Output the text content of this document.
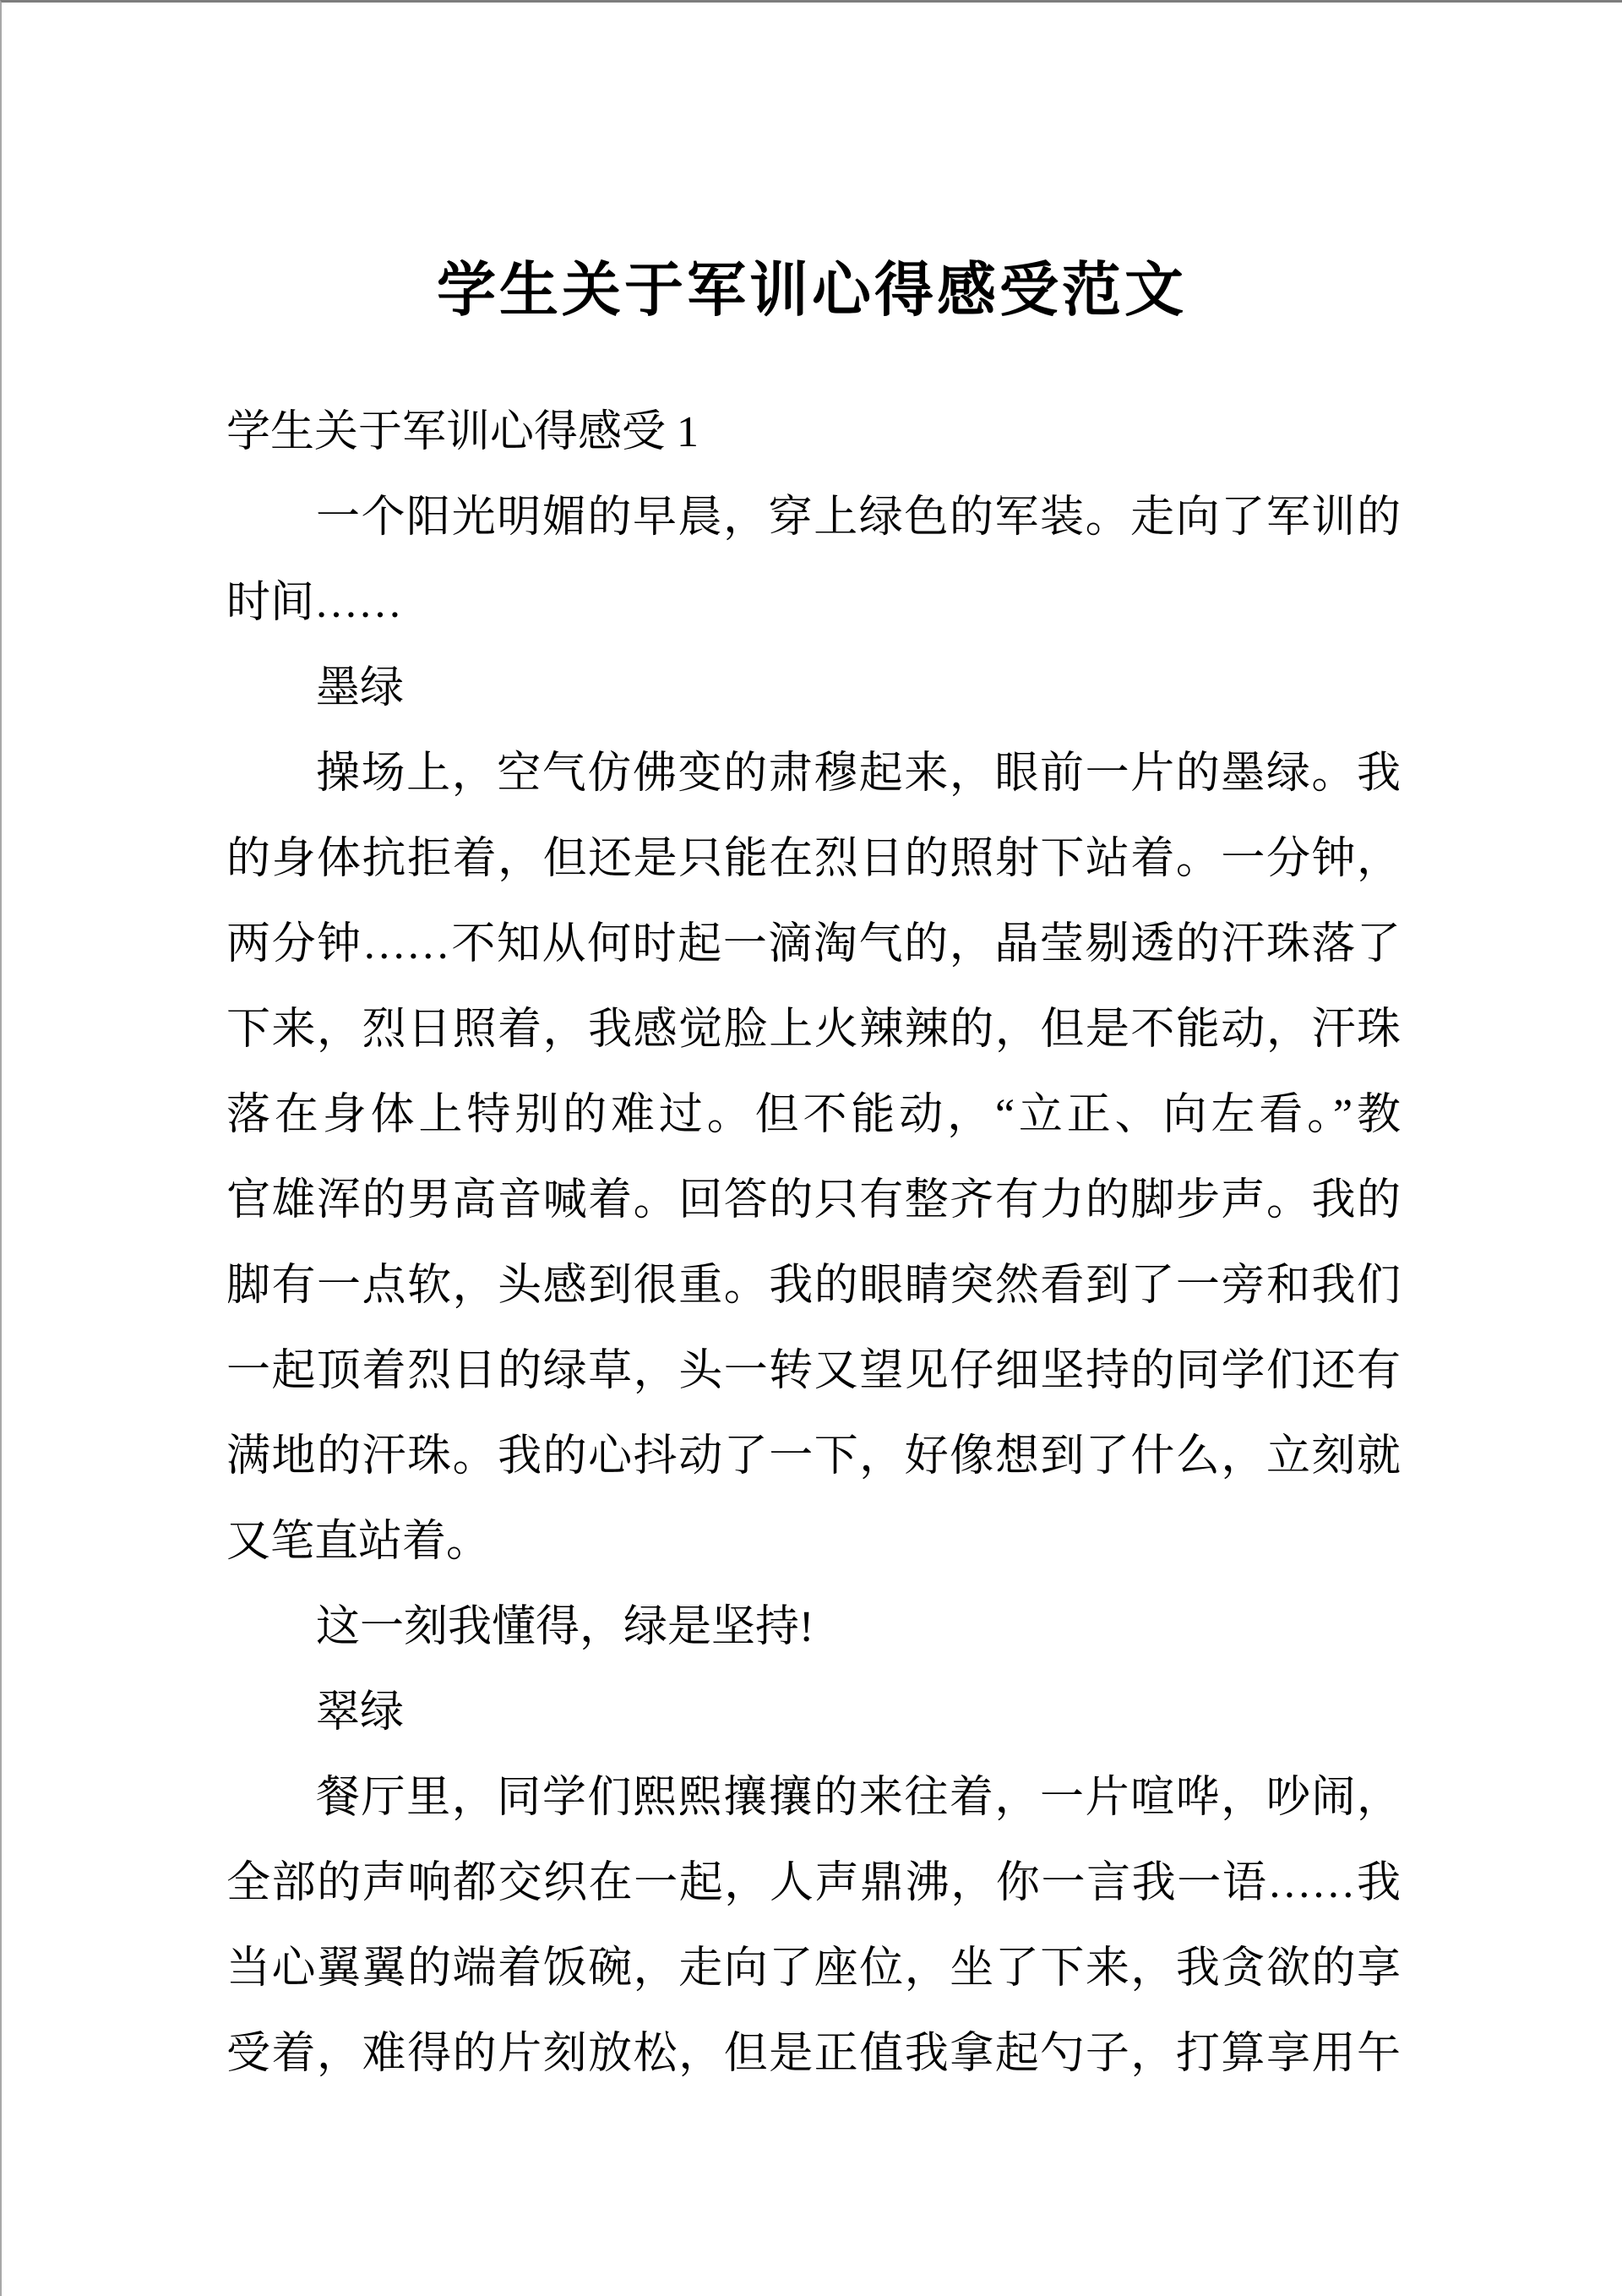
学生关于军训心得感受范文
学生关于军训心得感受 1
一个阳光明媚的早晨，穿上绿色的军装。走向了军训的
时间……
墨绿
操场上，空气仿佛变的肃穆起来，眼前一片的墨绿。我
的身体抗拒着，但还是只能在烈日的照射下站着。一分钟，
两分钟……不知从何时起一滴淘气的，晶莹剔透的汗珠落了
下来，烈日照着，我感觉脸上火辣辣的，但是不能动，汗珠
落在身体上特别的难过。但不能动，“立正、向左看。”教
官雄浑的男高音喊着。回答的只有整齐有力的脚步声。我的
脚有一点软，头感到很重。我的眼睛突然看到了一旁和我们
一起顶着烈日的绿草，头一转又望见仔细坚持的同学们还有
满地的汗珠。我的心抖动了一下，好像想到了什么，立刻就
又笔直站着。
这一刻我懂得，绿是坚持!
翠绿
餐厅里，同学们熙熙攘攘的来往着，一片喧哗，吵闹，
全部的声响都交织在一起，人声鼎沸，你一言我一语……我
当心翼翼的端着饭碗，走向了座位，坐了下来，我贪欲的享
受着，难得的片刻放松，但是正值我拿起勺子，打算享用午
